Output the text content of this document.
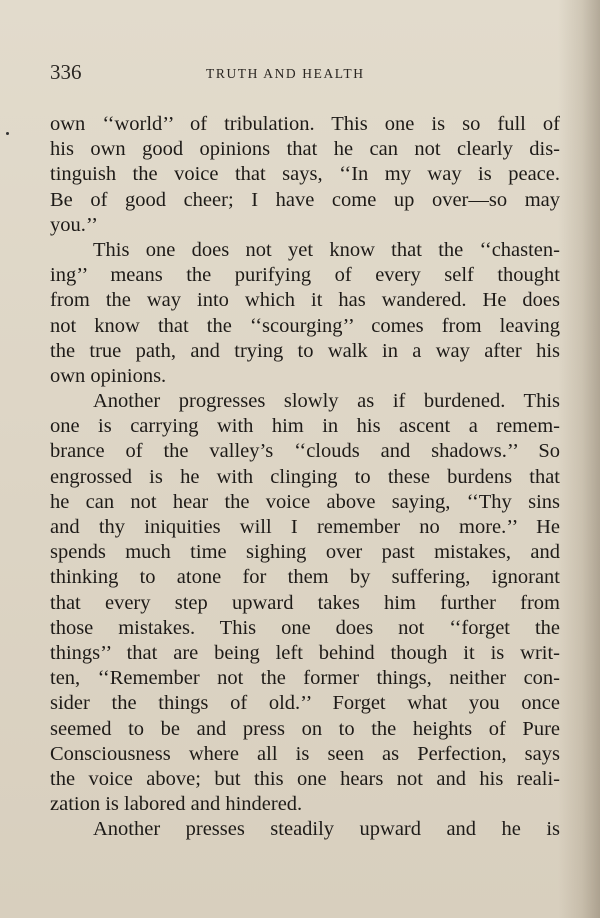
336	TRUTH AND HEALTH
own ‘‘world’’ of tribulation. This one is so full of
his own good opinions that he can not clearly dis-
tinguish the voice that says, ‘‘In my way is peace.
Be of good cheer; I have come up over—so may
you.’’
This one does not yet know that the ‘‘chasten-
ing’’ means the purifying of every self thought
from the way into which it has wandered. He does
not know that the ‘‘scourging’’ comes from leaving
the true path, and trying to walk in a way after his
own opinions.
Another progresses slowly as if burdened. This
one is carrying with him in his ascent a remem-
brance of the valley’s ‘‘clouds and shadows.’’ So
engrossed is he with clinging to these burdens that
he can not hear the voice above saying, ‘‘Thy sins
and thy iniquities will I remember no more.’’ He
spends much time sighing over past mistakes, and
thinking to atone for them by suffering, ignorant
that every step upward takes him further from
those mistakes. This one does not ‘‘forget the
things’’ that are being left behind though it is writ-
ten, ‘‘Remember not the former things, neither con-
sider the things of old.’’ Forget what you once
seemed to be and press on to the heights of Pure
Consciousness where all is seen as Perfection, says
the voice above; but this one hears not and his reali-
zation is labored and hindered.
Another presses steadily upward and he is
